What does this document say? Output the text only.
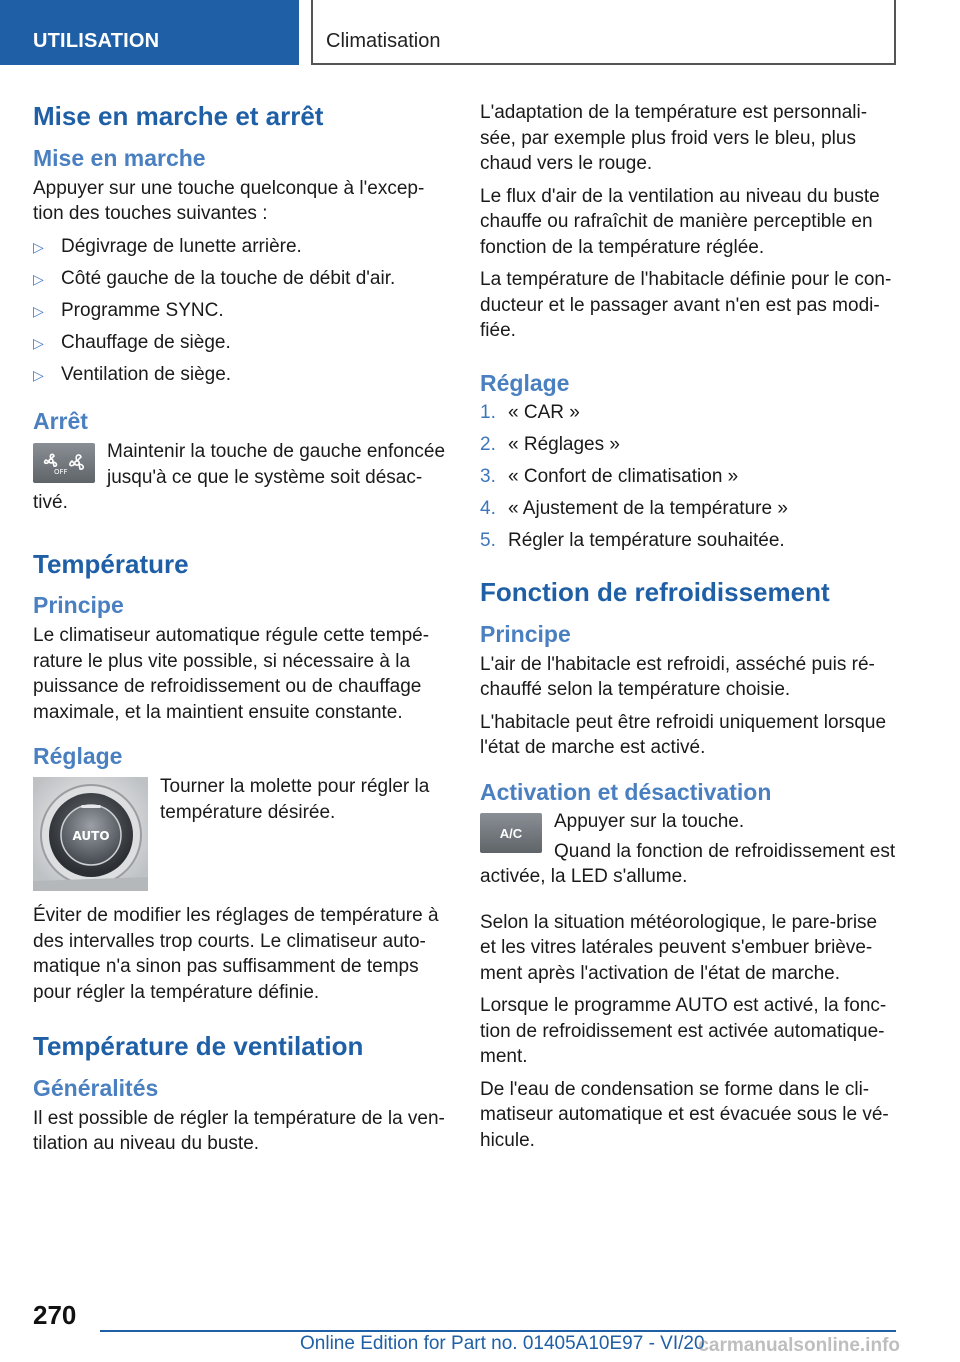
UTILISATION	Climatisation
Mise en marche et arrêt
Mise en marche

Appuyer sur une touche quelconque à l'excep-tion des touches suivantes :

▷ Dégivrage de lunette arrière.
▷ Côté gauche de la touche de débit d'air.
▷ Programme SYNC.
▷ Chauffage de siège.
▷ Ventilation de siège.
Arrêt
OFF

Maintenir la touche de gauche enfoncée jusqu'à ce que le système soit désac-tivé.

Température
Principe

Le climatiseur automatique régule cette tempé-rature le plus vite possible, si nécessaire à la puissance de refroidissement ou de chauffage maximale, et la maintient ensuite constante.

Réglage
AUTO

Tourner la molette pour régler la température désirée.

Éviter de modifier les réglages de température à des intervalles trop courts. Le climatiseur auto-matique n'a sinon pas suffisamment de temps pour régler la température définie.

Température de ventilation
Généralités

Il est possible de régler la température de la ven-tilation au niveau du buste.

L'adaptation de la température est personnali-sée, par exemple plus froid vers le bleu, plus chaud vers le rouge.

Le flux d'air de la ventilation au niveau du buste chauffe ou rafraîchit de manière perceptible en fonction de la température réglée.

La température de l'habitacle définie pour le con-ducteur et le passager avant n'en est pas modi-fiée.

Réglage
1. « CAR »
2. « Réglages »
3. « Confort de climatisation »
4. « Ajustement de la température »
5. Régler la température souhaitée.
Fonction de refroidissement
Principe

L'air de l'habitacle est refroidi, asséché puis ré-chauffé selon la température choisie.

L'habitacle peut être refroidi uniquement lorsque l'état de marche est activé.

Activation et désactivation
A/C

Appuyer sur la touche.

Quand la fonction de refroidissement est activée, la LED s'allume.

Selon la situation météorologique, le pare-brise et les vitres latérales peuvent s'embuer briève-ment après l'activation de l'état de marche.

Lorsque le programme AUTO est activé, la fonc-tion de refroidissement est activée automatique-ment.

De l'eau de condensation se forme dans le cli-matiseur automatique et est évacuée sous le vé-hicule.

270
Online Edition for Part no. 01405A10E97 - VI/20
carmanualsonline.info
